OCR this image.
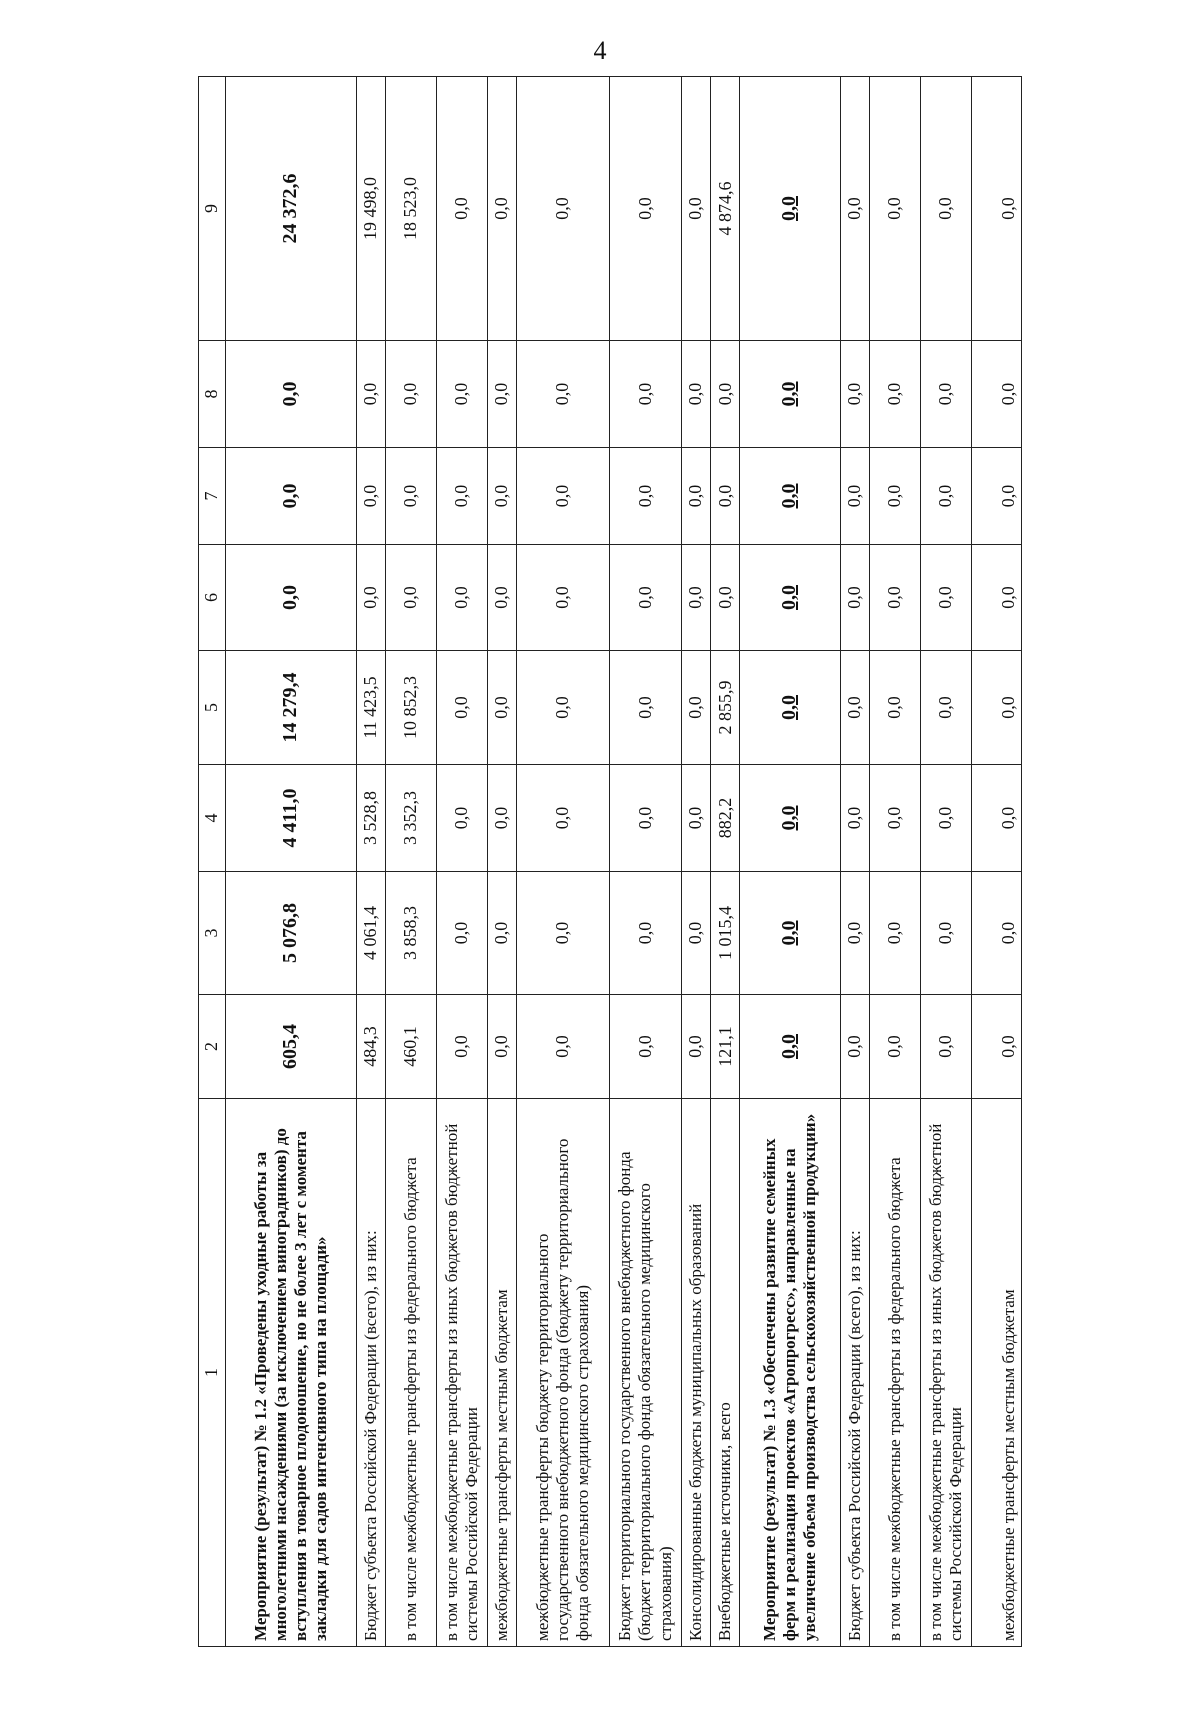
4
1	2	3	4	5	6	7	8	9
Мероприятие (результат) № 1.2 «Проведены уходные работы за многолетними насаждениями (за исключением виноградников) до вступления в товарное плодоношение, но не более 3 лет с момента закладки для садов интенсивного типа на площади»	605,4	5 076,8	4 411,0	14 279,4	0,0	0,0	0,0	24 372,6
Бюджет субъекта Российской Федерации (всего), из них:	484,3	4 061,4	3 528,8	11 423,5	0,0	0,0	0,0	19 498,0
в том числе межбюджетные трансферты из федерального бюджета	460,1	3 858,3	3 352,3	10 852,3	0,0	0,0	0,0	18 523,0
в том числе межбюджетные трансферты из иных бюджетов бюджетной системы Российской Федерации	0,0	0,0	0,0	0,0	0,0	0,0	0,0	0,0
межбюджетные трансферты местным бюджетам	0,0	0,0	0,0	0,0	0,0	0,0	0,0	0,0
межбюджетные трансферты бюджету территориального государственного внебюджетного фонда (бюджету территориального фонда обязательного медицинского страхования)	0,0	0,0	0,0	0,0	0,0	0,0	0,0	0,0
Бюджет территориального государственного внебюджетного фонда (бюджет территориального фонда обязательного медицинского страхования)	0,0	0,0	0,0	0,0	0,0	0,0	0,0	0,0
Консолидированные бюджеты муниципальных образований	0,0	0,0	0,0	0,0	0,0	0,0	0,0	0,0
Внебюджетные источники, всего	121,1	1 015,4	882,2	2 855,9	0,0	0,0	0,0	4 874,6
Мероприятие (результат) № 1.3 «Обеспечены развитие семейных ферм и реализация проектов «Агропрогресс», направленные на увеличение объема производства сельскохозяйственной продукции»	0,0	0,0	0,0	0,0	0,0	0,0	0,0	0,0
Бюджет субъекта Российской Федерации (всего), из них:	0,0	0,0	0,0	0,0	0,0	0,0	0,0	0,0
в том числе межбюджетные трансферты из федерального бюджета	0,0	0,0	0,0	0,0	0,0	0,0	0,0	0,0
в том числе межбюджетные трансферты из иных бюджетов бюджетной системы Российской Федерации	0,0	0,0	0,0	0,0	0,0	0,0	0,0	0,0
межбюджетные трансферты местным бюджетам	0,0	0,0	0,0	0,0	0,0	0,0	0,0	0,0
